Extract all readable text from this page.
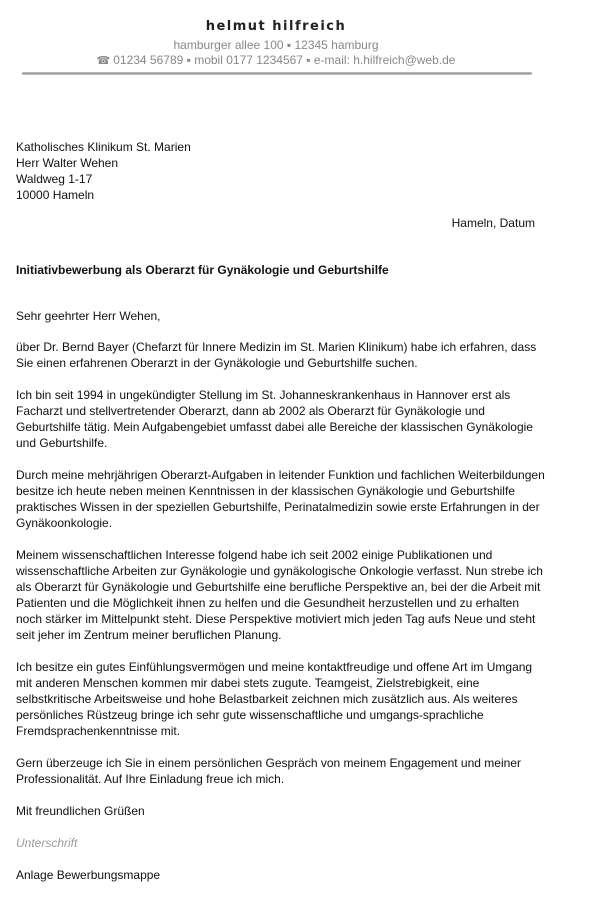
helmut hilfreich
hamburger allee 100 ▪ 12345 hamburg
☎ 01234 56789 ▪ mobil 0177 1234567 ▪ e-mail: h.hilfreich@web.de
Katholisches Klinikum St. Marien
Herr Walter Wehen
Waldweg 1-17
10000 Hameln
Hameln, Datum
Initiativbewerbung als Oberarzt für Gynäkologie und Geburtshilfe

Sehr geehrter Herr Wehen,

über Dr. Bernd Bayer (Chefarzt für Innere Medizin im St. Marien Klinikum) habe ich erfahren, dass Sie einen erfahrenen Oberarzt in der Gynäkologie und Geburtshilfe suchen.

Ich bin seit 1994 in ungekündigter Stellung im St. Johanneskrankenhaus in Hannover erst als Facharzt und stellvertretender Oberarzt, dann ab 2002 als Oberarzt für Gynäkologie und Geburtshilfe tätig. Mein Aufgabengebiet umfasst dabei alle Bereiche der klassischen Gynäkologie und Geburtshilfe.

Durch meine mehrjährigen Oberarzt-Aufgaben in leitender Funktion und fachlichen Weiterbildungen besitze ich heute neben meinen Kenntnissen in der klassischen Gynäkologie und Geburtshilfe praktisches Wissen in der speziellen Geburtshilfe, Perinatalmedizin sowie erste Erfahrungen in der Gynäkoonkologie.

Meinem wissenschaftlichen Interesse folgend habe ich seit 2002 einige Publikationen und wissenschaftliche Arbeiten zur Gynäkologie und gynäkologische Onkologie verfasst. Nun strebe ich als Oberarzt für Gynäkologie und Geburtshilfe eine berufliche Perspektive an, bei der die Arbeit mit Patienten und die Möglichkeit ihnen zu helfen und die Gesundheit herzustellen und zu erhalten noch stärker im Mittelpunkt steht. Diese Perspektive motiviert mich jeden Tag aufs Neue und steht seit jeher im Zentrum meiner beruflichen Planung.

Ich besitze ein gutes Einfühlungsvermögen und meine kontaktfreudige und offene Art im Umgang mit anderen Menschen kommen mir dabei stets zugute. Teamgeist, Zielstrebigkeit, eine selbstkritische Arbeitsweise und hohe Belastbarkeit zeichnen mich zusätzlich aus. Als weiteres persönliches Rüstzeug bringe ich sehr gute wissenschaftliche und umgangs-sprachliche Fremdsprachenkenntnisse mit.

Gern überzeuge ich Sie in einem persönlichen Gespräch von meinem Engagement und meiner Professionalität. Auf Ihre Einladung freue ich mich.

Mit freundlichen Grüßen

Unterschrift

Anlage Bewerbungsmappe
